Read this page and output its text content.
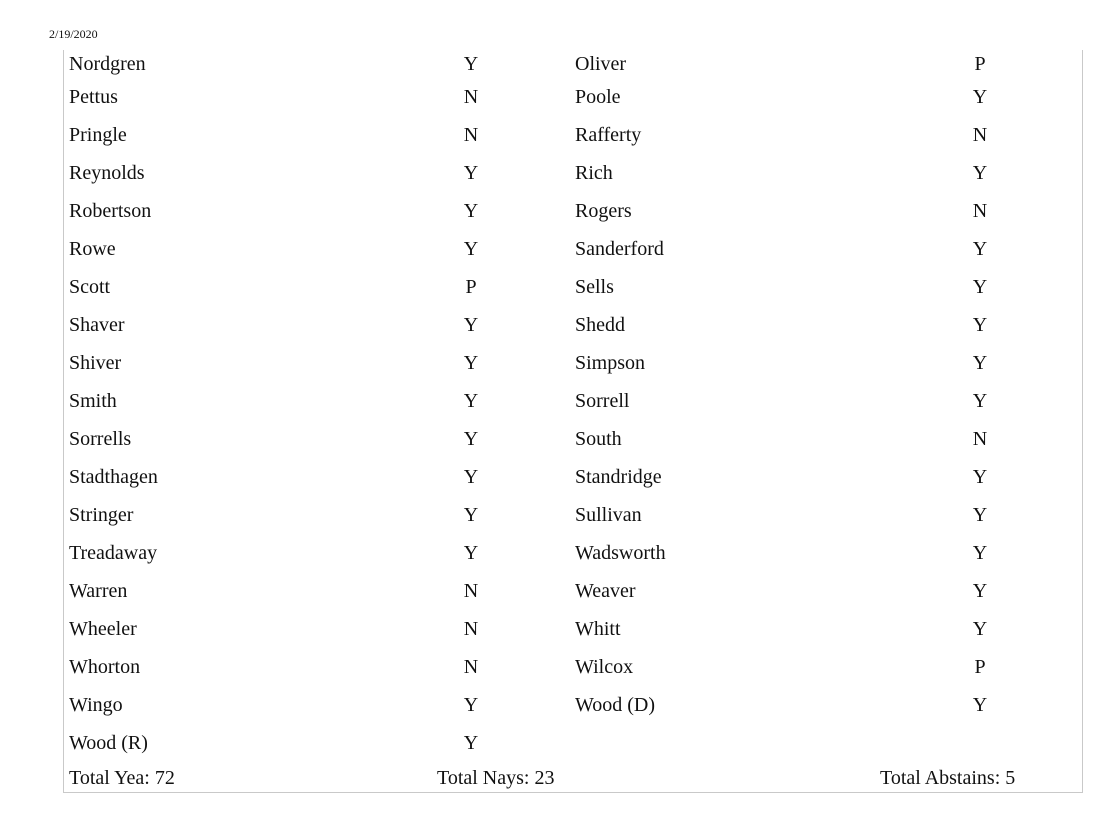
2/19/2020
Nordgren	Y	Oliver	P
Pettus	N	Poole	Y
Pringle	N	Rafferty	N
Reynolds	Y	Rich	Y
Robertson	Y	Rogers	N
Rowe	Y	Sanderford	Y
Scott	P	Sells	Y
Shaver	Y	Shedd	Y
Shiver	Y	Simpson	Y
Smith	Y	Sorrell	Y
Sorrells	Y	South	N
Stadthagen	Y	Standridge	Y
Stringer	Y	Sullivan	Y
Treadaway	Y	Wadsworth	Y
Warren	N	Weaver	Y
Wheeler	N	Whitt	Y
Whorton	N	Wilcox	P
Wingo	Y	Wood (D)	Y
Wood (R)	Y
Total Yea: 72	Total Nays: 23	Total Abstains: 5
